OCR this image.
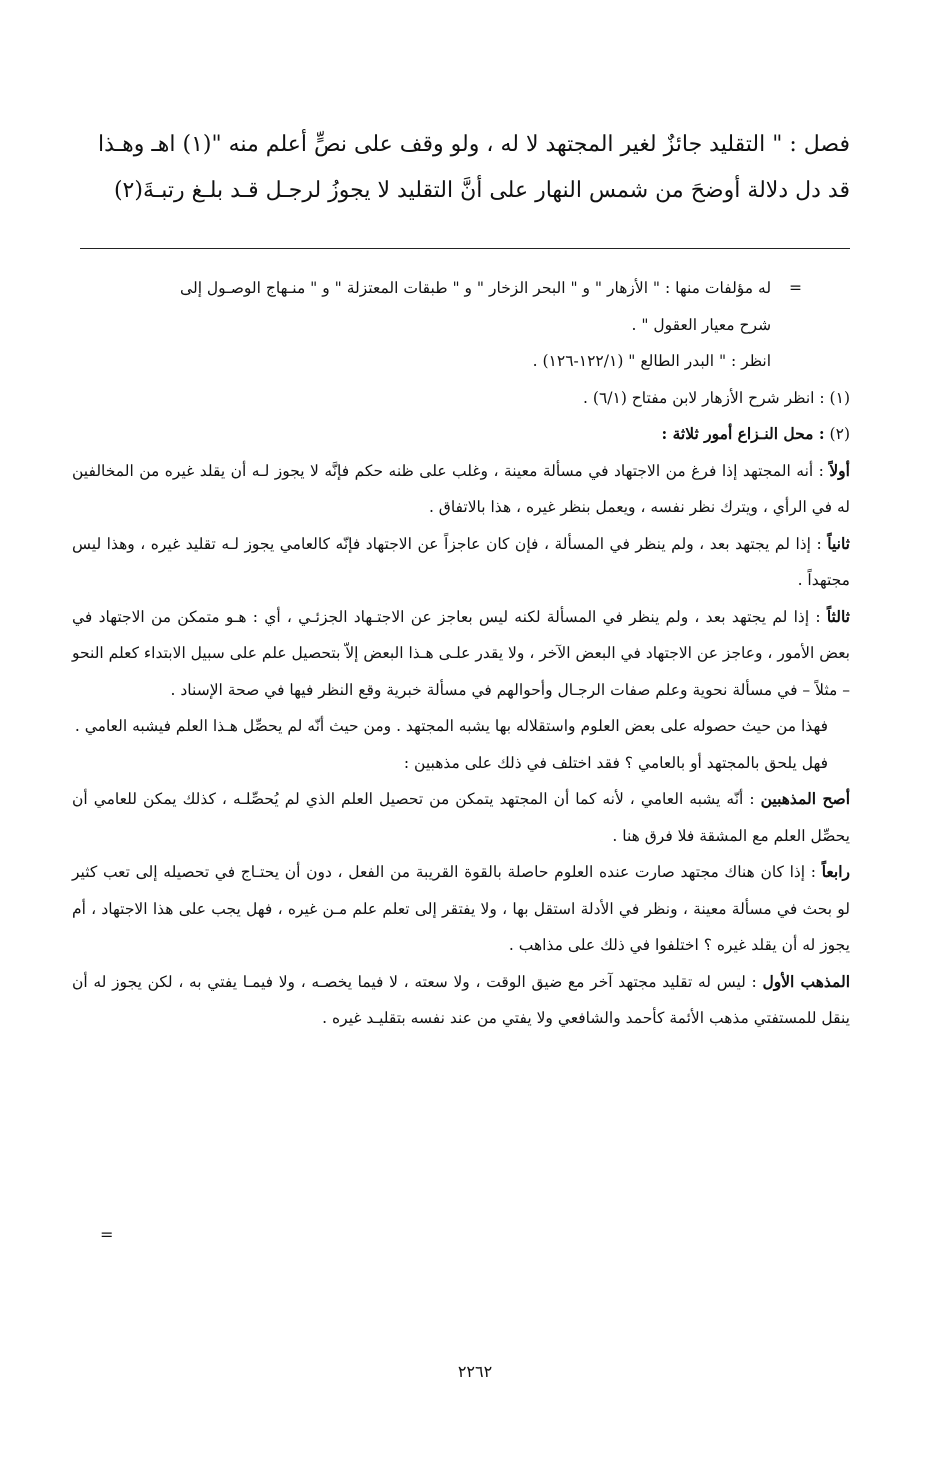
فصل : " التقليد جائزٌ لغير المجتهد لا له ، ولو وقف على نصٍّ أعلم منه "(١) اهـ وهـذا

قد دل دلالة أوضحَ من شمس النهار على أنَّ التقليد لا يجوزُ لرجـل قـد بلـغ رتبـةَ(٢)

= له مؤلفات منها : " الأزهار " و " البحر الزخار " و " طبقات المعتزلة " و " منـهاج الوصـول إلى

شرح معيار العقول " .

انظر : " البدر الطالع " (١٢٢/١-١٢٦) .

(١) : انظر شرح الأزهار لابن مفتاح (٦/١) .

(٢) : محل النـزاع أمور ثلاثة :

أولاً : أنه المجتهد إذا فرغ من الاجتهاد في مسألة معينة ، وغلب على ظنه حكم فإنَّه لا يجوز لـه أن يقلد غيره من المخالفين له في الرأي ، ويترك نظر نفسه ، ويعمل بنظر غيره ، هذا بالاتفاق .

ثانياً : إذا لم يجتهد بعد ، ولم ينظر في المسألة ، فإن كان عاجزاً عن الاجتهاد فإنّه كالعامي يجوز لـه تقليد غيره ، وهذا ليس مجتهداً .

ثالثاً : إذا لم يجتهد بعد ، ولم ينظر في المسألة لكنه ليس بعاجز عن الاجتـهاد الجزئـي ، أي : هـو متمكن من الاجتهاد في بعض الأمور ، وعاجز عن الاجتهاد في البعض الآخر ، ولا يقدر علـى هـذا البعض إلاّ بتحصيل علم على سبيل الابتداء كعلم النحو – مثلاً – في مسألة نحوية وعلم صفات الرجـال وأحوالهم في مسألة خبرية وقع النظر فيها في صحة الإسناد .

فهذا من حيث حصوله على بعض العلوم واستقلاله بها يشبه المجتهد . ومن حيث أنّه لم يحصِّل هـذا العلم فيشبه العامي .

فهل يلحق بالمجتهد أو بالعامي ؟ فقد اختلف في ذلك على مذهبين :

أصح المذهبين : أنّه يشبه العامي ، لأنه كما أن المجتهد يتمكن من تحصيل العلم الذي لم يُحصِّلـه ، كذلك يمكن للعامي أن يحصِّل العلم مع المشقة فلا فرق هنا .

رابعاً : إذا كان هناك مجتهد صارت عنده العلوم حاصلة بالقوة القريبة من الفعل ، دون أن يحتـاج في تحصيله إلى تعب كثير لو بحث في مسألة معينة ، ونظر في الأدلة استقل بها ، ولا يفتقر إلى تعلم علم مـن غيره ، فهل يجب على هذا الاجتهاد ، أم يجوز له أن يقلد غيره ؟ اختلفوا في ذلك على مذاهب .

المذهب الأول : ليس له تقليد مجتهد آخر مع ضيق الوقت ، ولا سعته ، لا فيما يخصـه ، ولا فيمـا يفتي به ، لكن يجوز له أن ينقل للمستفتي مذهب الأئمة كأحمد والشافعي ولا يفتي من عند نفسه بتقليـد غيره .

=
٢٢٦٢
